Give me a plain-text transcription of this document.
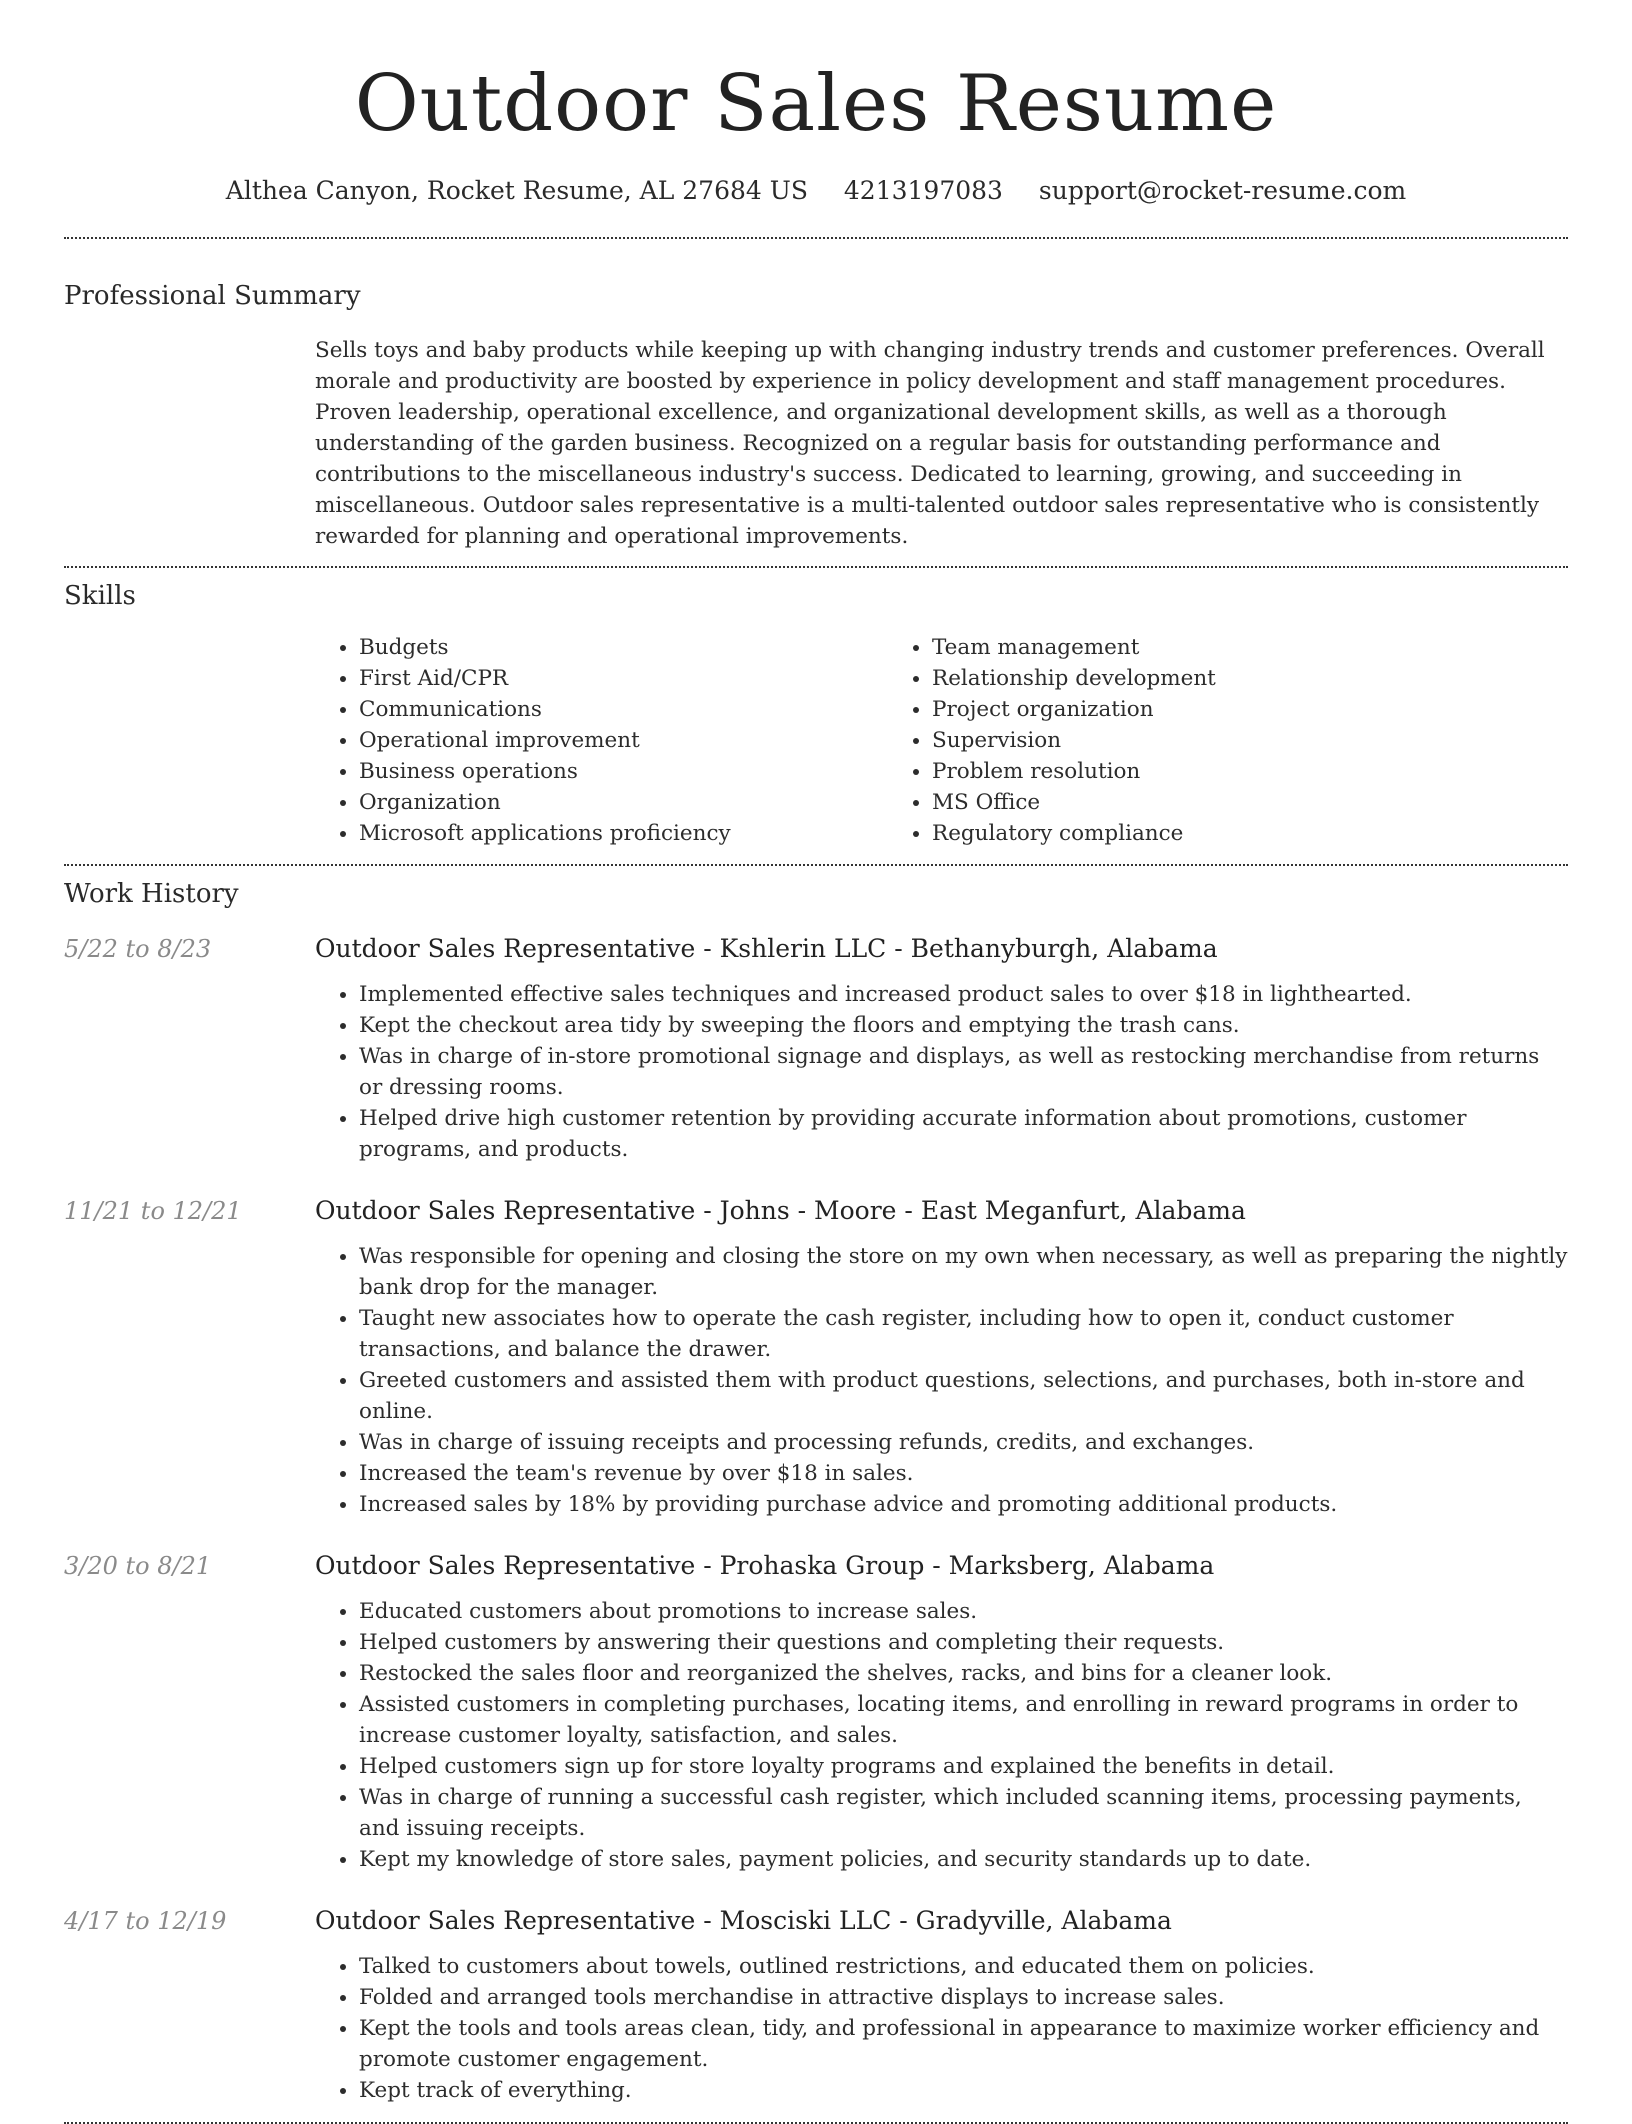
Outdoor Sales Resume
Althea Canyon, Rocket Resume, AL 27684 US 4213197083 support@rocket-resume.com
Professional Summary

Sells toys and baby products while keeping up with changing industry trends and customer preferences. Overall morale and productivity are boosted by experience in policy development and staff management procedures. Proven leadership, operational excellence, and organizational development skills, as well as a thorough understanding of the garden business. Recognized on a regular basis for outstanding performance and contributions to the miscellaneous industry's success. Dedicated to learning, growing, and succeeding in miscellaneous. Outdoor sales representative is a multi-talented outdoor sales representative who is consistently rewarded for planning and operational improvements.

Skills
• Budgets
• First Aid/CPR
• Communications
• Operational improvement
• Business operations
• Organization
• Microsoft applications proficiency
• Team management
• Relationship development
• Project organization
• Supervision
• Problem resolution
• MS Office
• Regulatory compliance
Work History
5/22 to 8/23	Outdoor Sales Representative - Kshlerin LLC - Bethanyburgh, Alabama
• Implemented effective sales techniques and increased product sales to over $18 in lighthearted.
• Kept the checkout area tidy by sweeping the floors and emptying the trash cans.
• Was in charge of in-store promotional signage and displays, as well as restocking merchandise from returns or dressing rooms.
• Helped drive high customer retention by providing accurate information about promotions, customer programs, and products.
11/21 to 12/21	Outdoor Sales Representative - Johns - Moore - East Meganfurt, Alabama
• Was responsible for opening and closing the store on my own when necessary, as well as preparing the nightly bank drop for the manager.
• Taught new associates how to operate the cash register, including how to open it, conduct customer transactions, and balance the drawer.
• Greeted customers and assisted them with product questions, selections, and purchases, both in-store and online.
• Was in charge of issuing receipts and processing refunds, credits, and exchanges.
• Increased the team's revenue by over $18 in sales.
• Increased sales by 18% by providing purchase advice and promoting additional products.
3/20 to 8/21	Outdoor Sales Representative - Prohaska Group - Marksberg, Alabama
• Educated customers about promotions to increase sales.
• Helped customers by answering their questions and completing their requests.
• Restocked the sales floor and reorganized the shelves, racks, and bins for a cleaner look.
• Assisted customers in completing purchases, locating items, and enrolling in reward programs in order to increase customer loyalty, satisfaction, and sales.
• Helped customers sign up for store loyalty programs and explained the benefits in detail.
• Was in charge of running a successful cash register, which included scanning items, processing payments, and issuing receipts.
• Kept my knowledge of store sales, payment policies, and security standards up to date.
4/17 to 12/19	Outdoor Sales Representative - Mosciski LLC - Gradyville, Alabama
• Talked to customers about towels, outlined restrictions, and educated them on policies.
• Folded and arranged tools merchandise in attractive displays to increase sales.
• Kept the tools and tools areas clean, tidy, and professional in appearance to maximize worker efficiency and promote customer engagement.
• Kept track of everything.
